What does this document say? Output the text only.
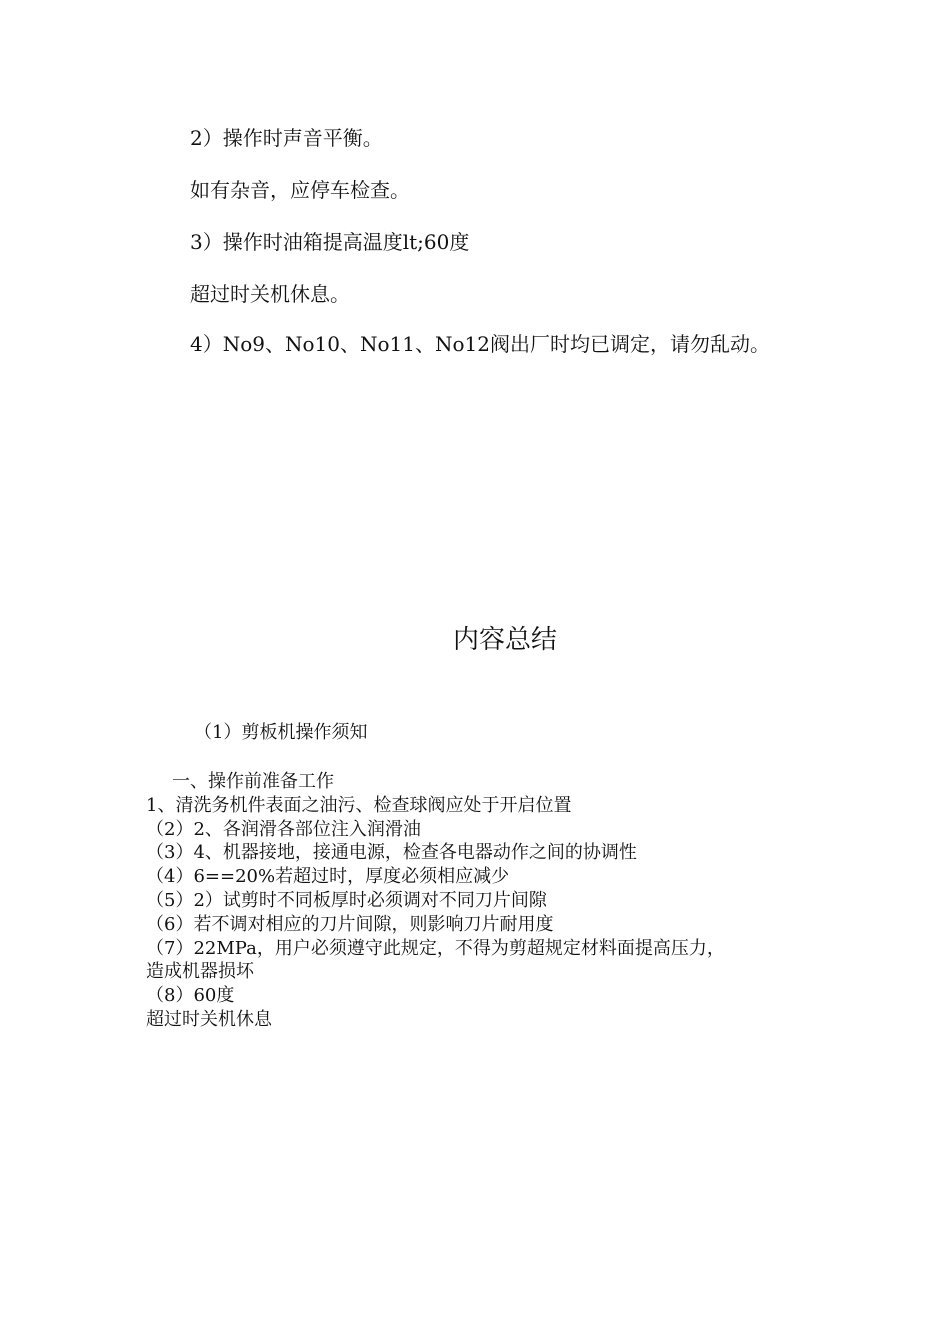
2）操作时声音平衡。

如有杂音，应停车检查。

3）操作时油箱提高温度lt;60度

超过时关机休息。

4）No9、No10、No11、No12阀出厂时均已调定，请勿乱动。

内容总结

（1）剪板机操作须知

一、操作前准备工作

1、清洗务机件表面之油污、检查球阀应处于开启位置

（2）2、各润滑各部位注入润滑油

（3）4、机器接地，接通电源，检查各电器动作之间的协调性

（4）6==20%若超过时，厚度必须相应减少

（5）2）试剪时不同板厚时必须调对不同刀片间隙

（6）若不调对相应的刀片间隙，则影响刀片耐用度

（7）22MPa，用户必须遵守此规定，不得为剪超规定材料面提高压力，

造成机器损坏

（8）60度

超过时关机休息
